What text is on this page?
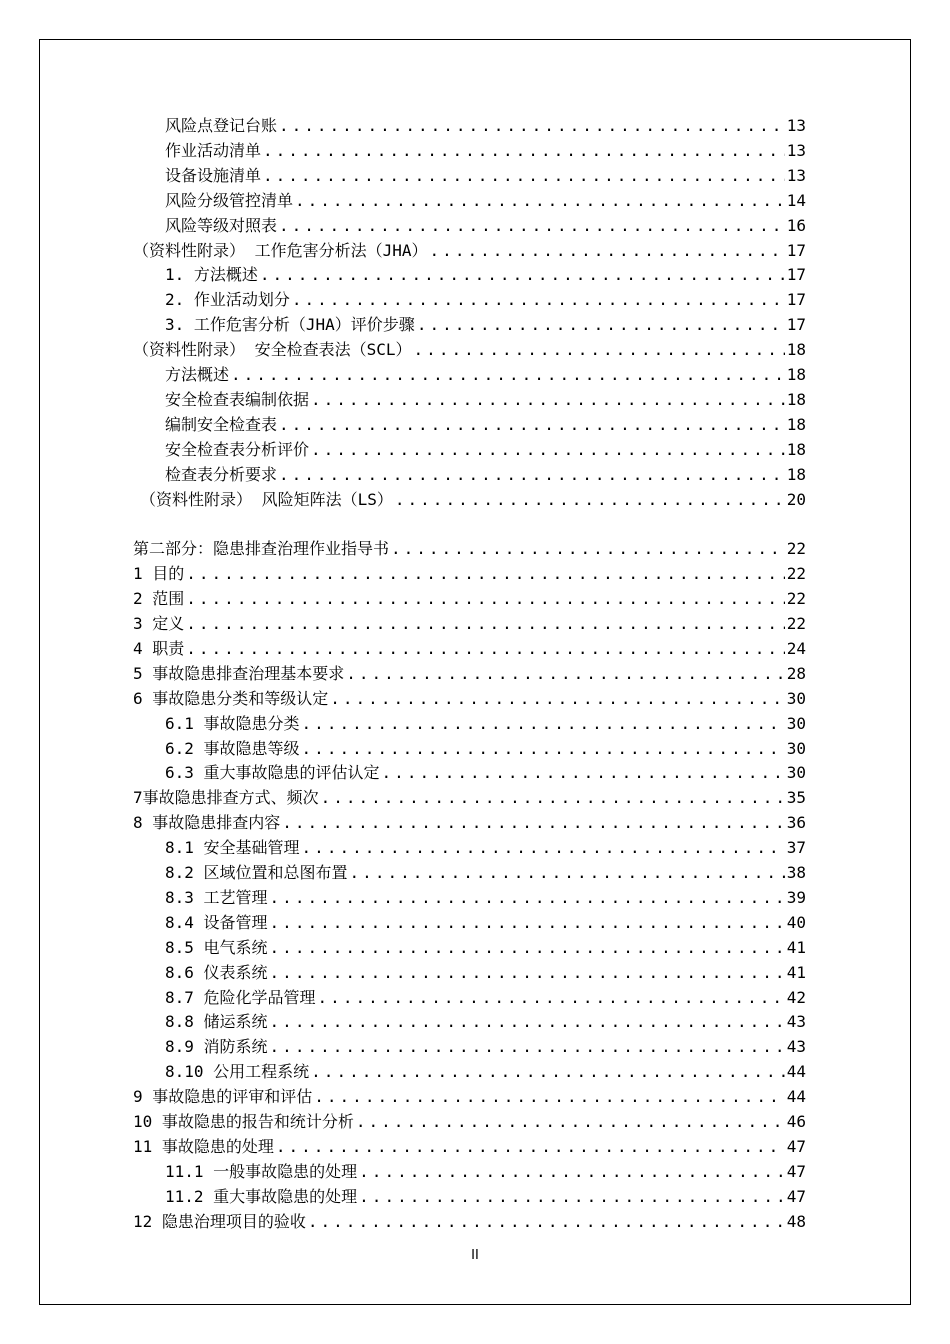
风险点登记台账 .....	13
作业活动清单 .....	13
设备设施清单 .....	13
风险分级管控清单 .....	14
风险等级对照表 .....	16
（资料性附录） 工作危害分析法（JHA） .....	17
1. 方法概述 .....	17
2. 作业活动划分 .....	17
3. 工作危害分析（JHA）评价步骤 .....	17
（资料性附录） 安全检查表法（SCL） .....	18
方法概述 .....	18
安全检查表编制依据 .....	18
编制安全检查表 .....	18
安全检查表分析评价 .....	18
检查表分析要求 .....	18
（资料性附录） 风险矩阵法（LS） .....	20
第二部分：隐患排查治理作业指导书 .....	22
1 目的 .....	22
2 范围 .....	22
3 定义 .....	22
4 职责 .....	24
5 事故隐患排查治理基本要求 .....	28
6 事故隐患分类和等级认定 .....	30
6.1 事故隐患分类 .....	30
6.2 事故隐患等级 .....	30
6.3 重大事故隐患的评估认定 .....	30
7事故隐患排查方式、频次 .....	35
8 事故隐患排查内容 .....	36
8.1 安全基础管理 .....	37
8.2 区域位置和总图布置 .....	38
8.3 工艺管理 .....	39
8.4 设备管理 .....	40
8.5 电气系统 .....	41
8.6 仪表系统 .....	41
8.7 危险化学品管理 .....	42
8.8 储运系统 .....	43
8.9 消防系统 .....	43
8.10 公用工程系统 .....	44
9 事故隐患的评审和评估 .....	44
10 事故隐患的报告和统计分析 .....	46
11 事故隐患的处理 .....	47
11.1 一般事故隐患的处理 .....	47
11.2 重大事故隐患的处理 .....	47
12 隐患治理项目的验收 .....	48
II
